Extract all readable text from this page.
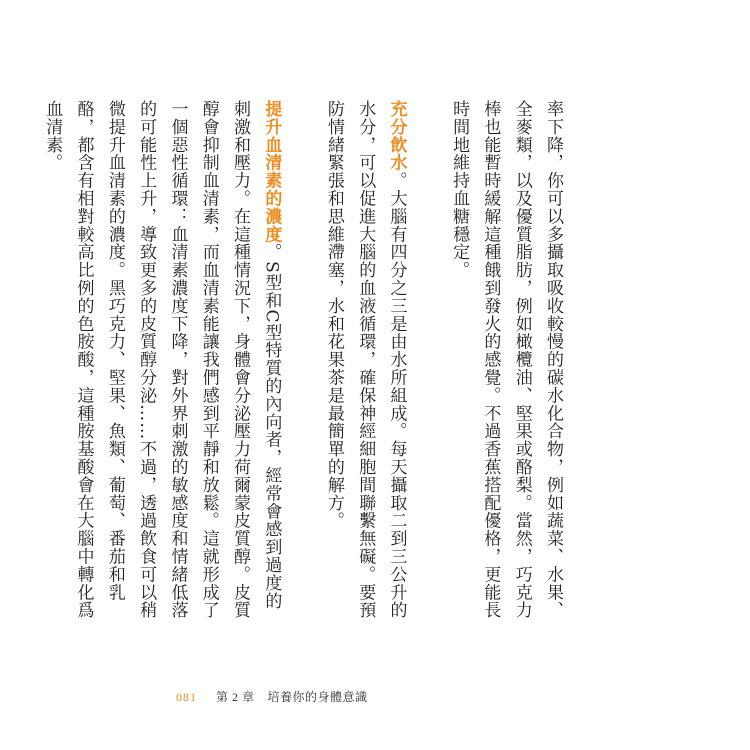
率下降，你可以多攝取吸收較慢的碳水化合物，例如蔬菜、水果、全麥類，以及優質脂肪，例如橄欖油、堅果或酪梨。當然，巧克力棒也能暫時緩解這種餓到發火的感覺。不過香蕉搭配優格，更能長時間地維持血糖穩定。

充分飲水。大腦有四分之三是由水所組成。每天攝取二到三公升的水分，可以促進大腦的血液循環，確保神經細胞間聯繫無礙。要預防情緒緊張和思維滯塞，水和花果茶是最簡單的解方。

提升血清素的濃度。S型和C型特質的內向者，經常會感到過度的刺激和壓力。在這種情況下，身體會分泌壓力荷爾蒙皮質醇。皮質醇會抑制血清素，而血清素能讓我們感到平靜和放鬆。這就形成了一個惡性循環：血清素濃度下降，對外界刺激的敏感度和情緒低落的可能性上升，導致更多的皮質醇分泌……不過，透過飲食可以稍微提升血清素的濃度。黑巧克力、堅果、魚類、葡萄、番茄和乳酪，都含有相對較高比例的色胺酸，這種胺基酸會在大腦中轉化爲血清素。

081 第 2 章 培養你的身體意識
